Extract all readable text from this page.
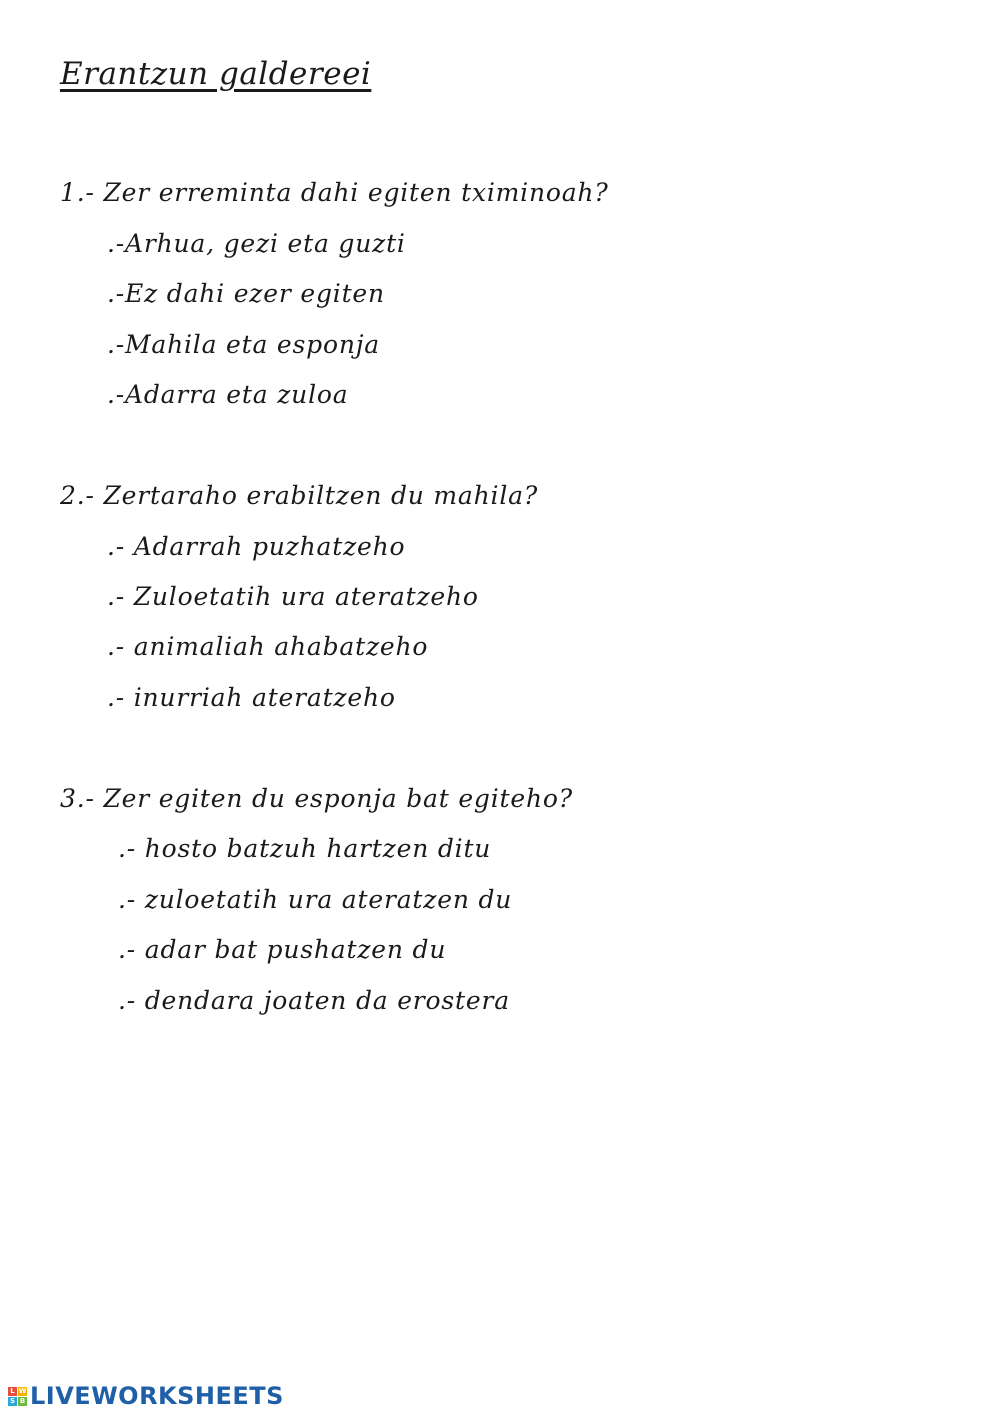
Erantzun galdereei
1.- Zer erreminta dahi egiten tximinoah?
.-Arhua, gezi eta guzti
.-Ez dahi ezer egiten
.-Mahila eta esponja
.-Adarra eta zuloa
2.- Zertaraho erabiltzen du mahila?
.- Adarrah puzhatzeho
.- Zuloetatih ura ateratzeho
.- animaliah ahabatzeho
.- inurriah ateratzeho
3.- Zer egiten du esponja bat egiteho?
.- hosto batzuh hartzen ditu
.- zuloetatih ura ateratzen du
.- adar bat pushatzen du
.- dendara joaten da erostera
L W
S B LIVEWORKSHEETS
